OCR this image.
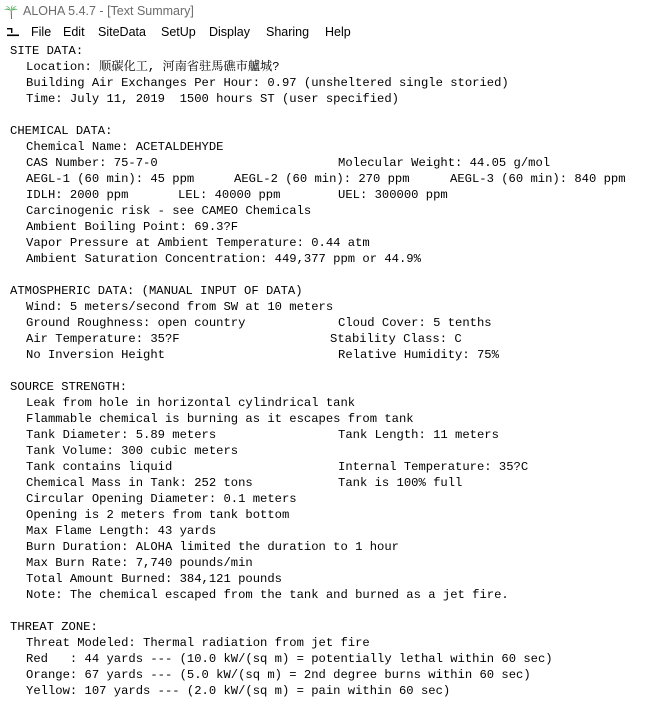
ALOHA 5.4.7 - [Text Summary]
File Edit SiteData SetUp Display Sharing Help
SITE DATA:
Location: 顺碳化工, 河南省驻馬礁市艫城?
Building Air Exchanges Per Hour: 0.97 (unsheltered single storied)
Time: July 11, 2019  1500 hours ST (user specified)
CHEMICAL DATA:
Chemical Name: ACETALDEHYDE
CAS Number: 75-7-0	Molecular Weight: 44.05 g/mol
AEGL-1 (60 min): 45 ppm	AEGL-2 (60 min): 270 ppm	AEGL-3 (60 min): 840 ppm
IDLH: 2000 ppm	LEL: 40000 ppm	UEL: 300000 ppm
Carcinogenic risk - see CAMEO Chemicals
Ambient Boiling Point: 69.3?F
Vapor Pressure at Ambient Temperature: 0.44 atm
Ambient Saturation Concentration: 449,377 ppm or 44.9%
ATMOSPHERIC DATA: (MANUAL INPUT OF DATA)
Wind: 5 meters/second from SW at 10 meters
Ground Roughness: open country	Cloud Cover: 5 tenths
Air Temperature: 35?F	Stability Class: C
No Inversion Height	Relative Humidity: 75%
SOURCE STRENGTH:
Leak from hole in horizontal cylindrical tank
Flammable chemical is burning as it escapes from tank
Tank Diameter: 5.89 meters	Tank Length: 11 meters
Tank Volume: 300 cubic meters
Tank contains liquid	Internal Temperature: 35?C
Chemical Mass in Tank: 252 tons	Tank is 100% full
Circular Opening Diameter: 0.1 meters
Opening is 2 meters from tank bottom
Max Flame Length: 43 yards
Burn Duration: ALOHA limited the duration to 1 hour
Max Burn Rate: 7,740 pounds/min
Total Amount Burned: 384,121 pounds
Note: The chemical escaped from the tank and burned as a jet fire.
THREAT ZONE:
Threat Modeled: Thermal radiation from jet fire
Red   : 44 yards --- (10.0 kW/(sq m) = potentially lethal within 60 sec)
Orange: 67 yards --- (5.0 kW/(sq m) = 2nd degree burns within 60 sec)
Yellow: 107 yards --- (2.0 kW/(sq m) = pain within 60 sec)
